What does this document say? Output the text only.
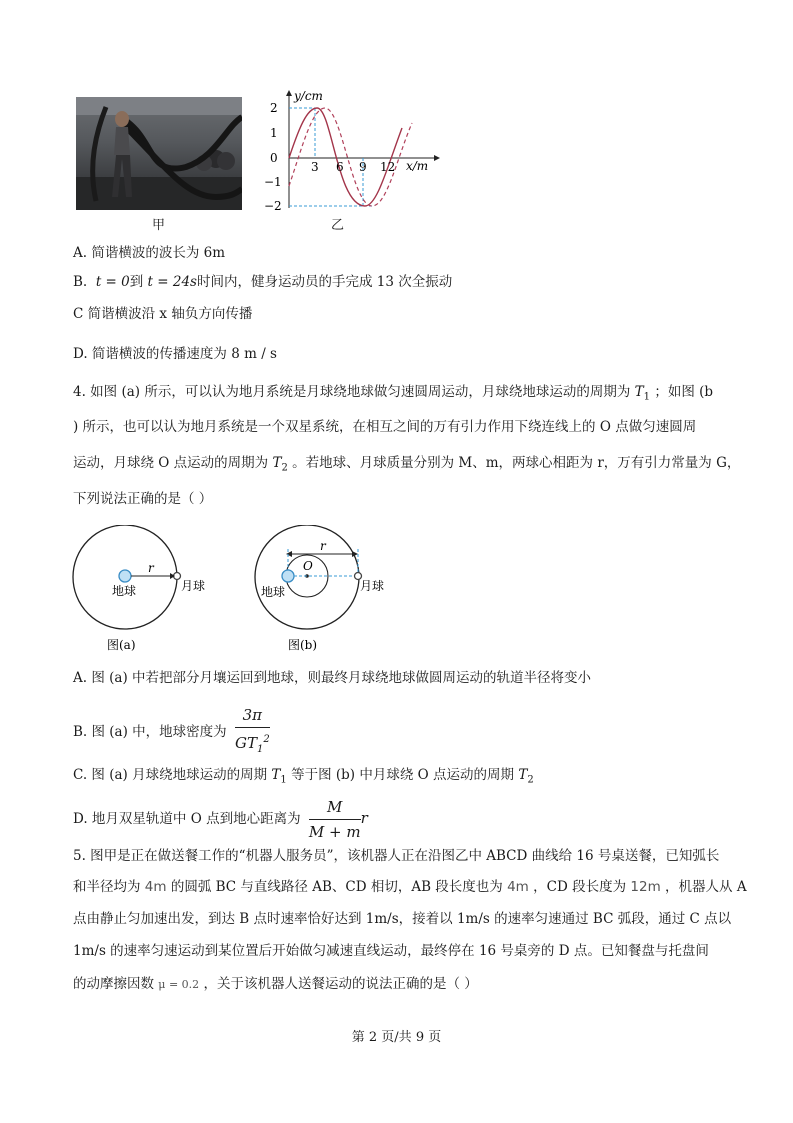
甲
y/cm
2
1
0
−1
−2
3 6 9 12 x/m
乙
A. 简谐横波的波长为 6m
B. t = 0到 t = 24s时间内，健身运动员的手完成 13 次全振动
C 简谐横波沿 x 轴负方向传播
D. 简谐横波的传播速度为 8 m / s
4. 如图 (a) 所示，可以认为地月系统是月球绕地球做匀速圆周运动，月球绕地球运动的周期为 $T_1$ ；如图 (b
) 所示，也可以认为地月系统是一个双星系统，在相互之间的万有引力作用下绕连线上的 O 点做匀速圆周
运动，月球绕 O 点运动的周期为 $T_2$ 。若地球、月球质量分别为 M、m，两球心相距为 r，万有引力常量为 G，
下列说法正确的是（ ）
r
地球	月球
图(a)
r
O
地球	月球
图(b)
A. 图 (a) 中若把部分月壤运回到地球，则最终月球绕地球做圆周运动的轨道半径将变小
B. 图 (a) 中，地球密度为 $\frac{3\pi}{GT_1^2}$
C. 图 (a) 月球绕地球运动的周期 $T_1$ 等于图 (b) 中月球绕 O 点运动的周期 $T_2$
D. 地月双星轨道中 O 点到地心距离为 $\frac{M}{M + m}$ r
5. 图甲是正在做送餐工作的“机器人服务员”，该机器人正在沿图乙中 ABCD 曲线给 16 号桌送餐，已知弧长
和半径均为 4m 的圆弧 BC 与直线路径 AB、CD 相切，AB 段长度也为 4m ，CD 段长度为 12m ，机器人从 A
点由静止匀加速出发，到达 B 点时速率恰好达到 1m/s，接着以 1m/s 的速率匀速通过 BC 弧段，通过 C 点以
1m/s 的速率匀速运动到某位置后开始做匀减速直线运动，最终停在 16 号桌旁的 D 点。已知餐盘与托盘间
的动摩擦因数 μ = 0.2 ，关于该机器人送餐运动的说法正确的是（ ）
第 2 页/共 9 页
